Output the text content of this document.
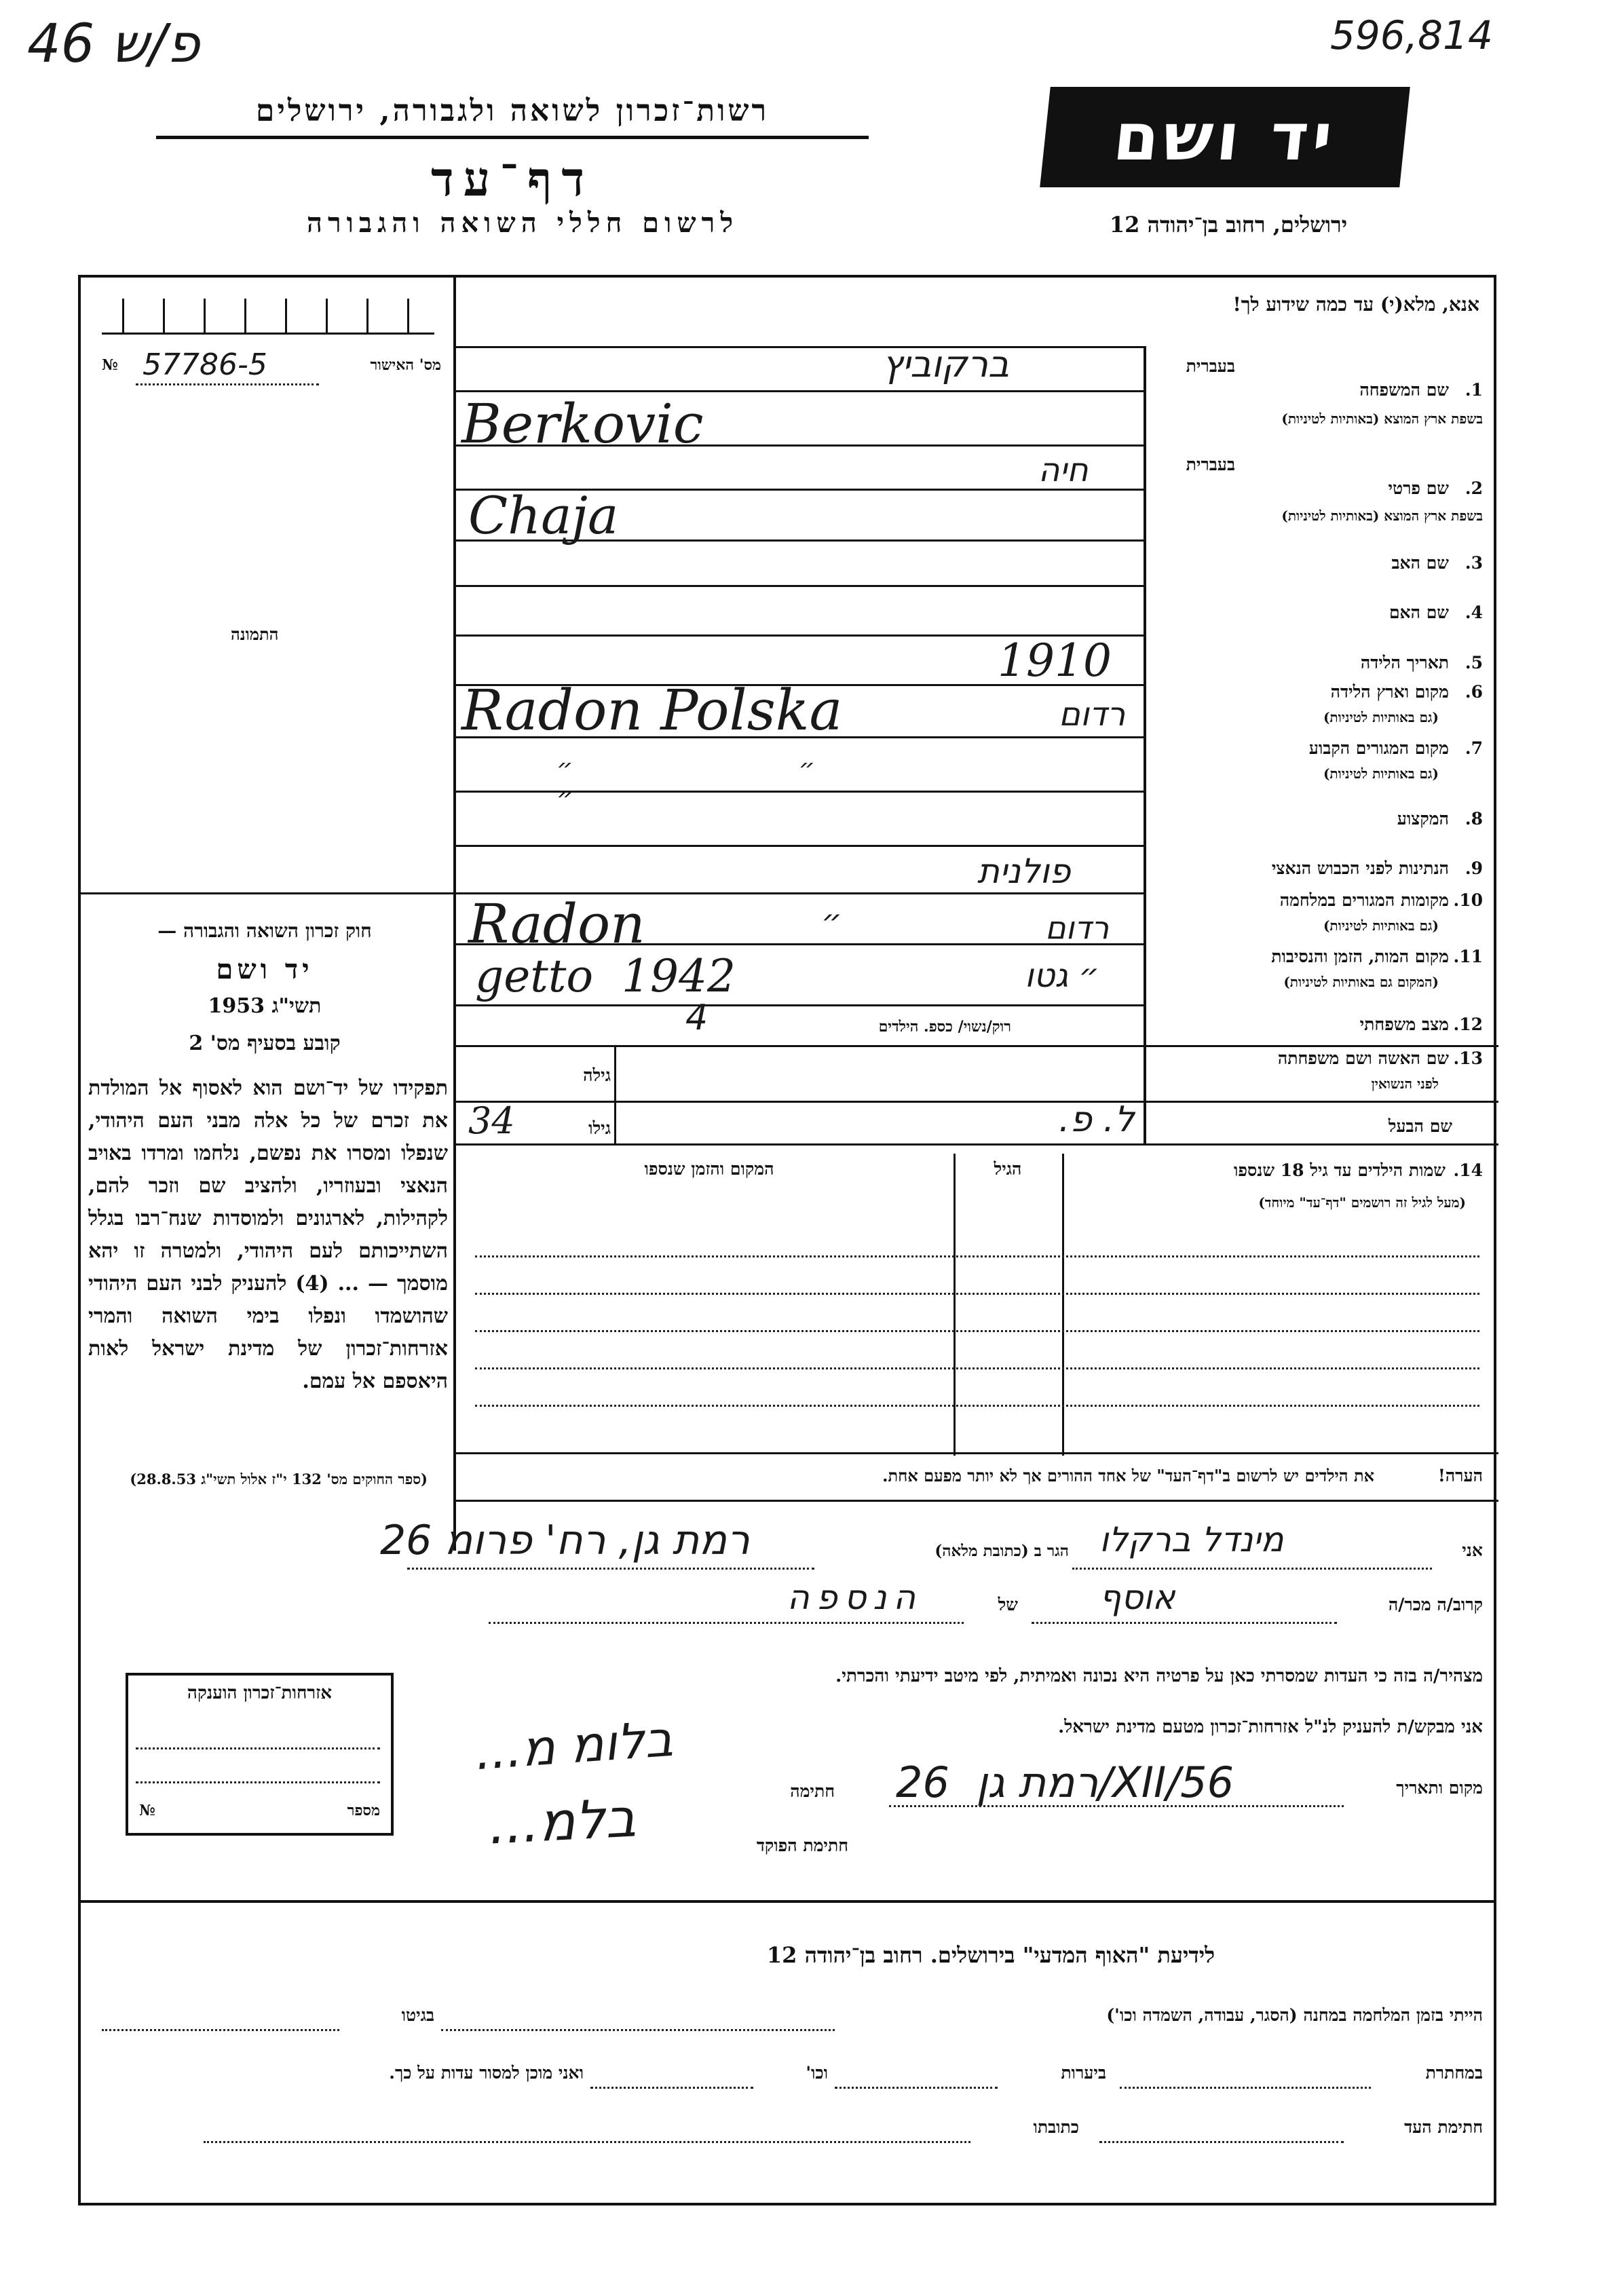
46 פ/ש	596,814
רשות־זכרון לשואה ולגבורה, ירושלים
דף־עד
לרשום חללי השואה והגבורה
יד ושם
ירושלים, רחוב בן־יהודה 12
אנא, מלא(י) עד כמה שידוע לך!
מס' האישור
57786-5
№
התמונה
חוק זכרון השואה והגבורה —
יד ושם
תשי"ג 1953
קובע בסעיף מס' 2
תפקידו של יד־ושם הוא לאסוף אל המולדת את זכרם של כל אלה מבני העם היהודי, שנפלו ומסרו את נפשם, נלחמו ומרדו באויב הנאצי ובעוזריו, ולהציב שם וזכר להם, לקהילות, לארגונים ולמוסדות שנח־רבו בגלל השתייכותם לעם היהודי, ולמטרה זו יהא מוסמך — ... (4) להעניק לבני העם היהודי שהושמדו ונפלו בימי השואה והמרי אזרחות־זכרון של מדינת ישראל לאות היאספם אל עמם.
(ספר החוקים מס' 132 י"ז אלול תשי"ג 28.8.53)
בעברית
1.
שם המשפחה
בשפת ארץ המוצא (באותיות לטיניות)
ברקוביץ
Berkovic
בעברית
2.
שם פרטי
בשפת ארץ המוצא (באותיות לטיניות)
חיה
Chaja
3.
שם האב
4.
שם האם
5.
תאריך הלידה
1910
6.
מקום וארץ הלידה
(גם באותיות לטיניות)
Radon Polska	רדום
7.
מקום המגורים הקבוע
(גם באותיות לטיניות)
״ ״ ״
8.
המקצוע
9.
הנתינות לפני הכבוש הנאצי
פולנית
10.
מקומות המגורים במלחמה
(גם באותיות לטיניות)
Radon	״	רדום
11.
מקום המות, הזמן והנסיבות
(המקום גם באותיות לטיניות)
getto  1942	״ גטו
12.
מצב משפחתי
רוק/נשוי/ כספ. הילדים
4
13.
שם האשה ושם משפחתה
לפני הנשואין
גילה
שם הבעל
גילו
34	ל. פ.
14.
שמות הילדים עד גיל 18 שנספו
(מעל לגיל זה רושמים "דף־עד" מיוחד)
הגיל
המקום והזמן שנספו
הערה!
את הילדים יש לרשום ב"דף־העד" של אחד ההורים אך לא יותר מפעם אחת.
אני
מינדל ברקלו
הגר ב (כתובת מלאה)
רמת גן, רח' פרומ 26
קרוב/ה מכר/ה
אוסף
של
הנספה
מצהיר/ה בזה כי העדות שמסרתי כאן על פרטיה היא נכונה ואמיתית, לפי מיטב ידיעתי והכרתי.
אני מבקש/ת להעניק לנ"ל אזרחות־זכרון מטעם מדינת ישראל.
מקום ותאריך
רמת גן  26/XII/56
חתימה
חתימת הפוקד
בלומ מ...
בלמ...
אזרחות־זכרון הוענקה
מספר
№
לידיעת "האוף המדעי" בירושלים. רחוב בן־יהודה 12
הייתי בזמן המלחמה במחנה (הסגר, עבודה, השמדה וכו')
בגיטו
במחתרת
ביערות
וכו'
ואני מוכן למסור עדות על כך.
חתימת העד
כתובתו
